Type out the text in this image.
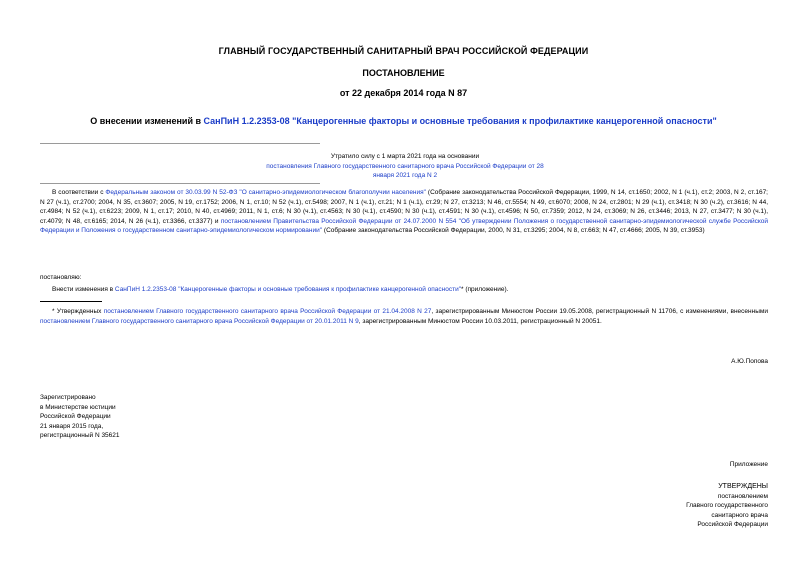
ГЛАВНЫЙ ГОСУДАРСТВЕННЫЙ САНИТАРНЫЙ ВРАЧ РОССИЙСКОЙ ФЕДЕРАЦИИ
ПОСТАНОВЛЕНИЕ
от 22 декабря 2014 года N 87
О внесении изменений в СанПиН 1.2.2353-08 "Канцерогенные факторы и основные требования к профилактике канцерогенной опасности"
Утратило силу с 1 марта 2021 года на основании
постановления Главного государственного санитарного врача Российской Федерации от 28 января 2021 года N 2
В соответствии с Федеральным законом от 30.03.99 N 52-ФЗ "О санитарно-эпидемиологическом благополучии населения" (Собрание законодательства Российской Федерации, 1999, N 14, ст.1650; 2002, N 1 (ч.1), ст.2; 2003, N 2, ст.167; N 27 (ч.1), ст.2700; 2004, N 35, ст.3607; 2005, N 19, ст.1752; 2006, N 1, ст.10; N 52 (ч.1), ст.5498; 2007, N 1 (ч.1), ст.21; N 1 (ч.1), ст.29; N 27, ст.3213; N 46, ст.5554; N 49, ст.6070; 2008, N 24, ст.2801; N 29 (ч.1), ст.3418; N 30 (ч.2), ст.3616; N 44, ст.4984; N 52 (ч.1), ст.6223; 2009, N 1, ст.17; 2010, N 40, ст.4969; 2011, N 1, ст.6; N 30 (ч.1), ст.4563; N 30 (ч.1), ст.4590; N 30 (ч.1), ст.4591; N 30 (ч.1), ст.4596; N 50, ст.7359; 2012, N 24, ст.3069; N 26, ст.3446; 2013, N 27, ст.3477; N 30 (ч.1), ст.4079; N 48, ст.6165; 2014, N 26 (ч.1), ст.3366, ст.3377) и постановлением Правительства Российской Федерации от 24.07.2000 N 554 "Об утверждении Положения о государственной санитарно-эпидемиологической службе Российской Федерации и Положения о государственном санитарно-эпидемиологическом нормировании" (Собрание законодательства Российской Федерации, 2000, N 31, ст.3295; 2004, N 8, ст.663; N 47, ст.4666; 2005, N 39, ст.3953)
постановляю:
Внести изменения в СанПиН 1.2.2353-08 "Канцерогенные факторы и основные требования к профилактике канцерогенной опасности"* (приложение).
* Утвержденных постановлением Главного государственного санитарного врача Российской Федерации от 21.04.2008 N 27, зарегистрированным Минюстом России 19.05.2008, регистрационный N 11706, с изменениями, внесенными постановлением Главного государственного санитарного врача Российской Федерации от 20.01.2011 N 9, зарегистрированным Минюстом России 10.03.2011, регистрационный N 20051.
А.Ю.Попова
Зарегистрировано
в Министерстве юстиции
Российской Федерации
21 января 2015 года,
регистрационный N 35621
Приложение
УТВЕРЖДЕНЫ
постановлением
Главного государственного
санитарного врача
Российской Федерации
